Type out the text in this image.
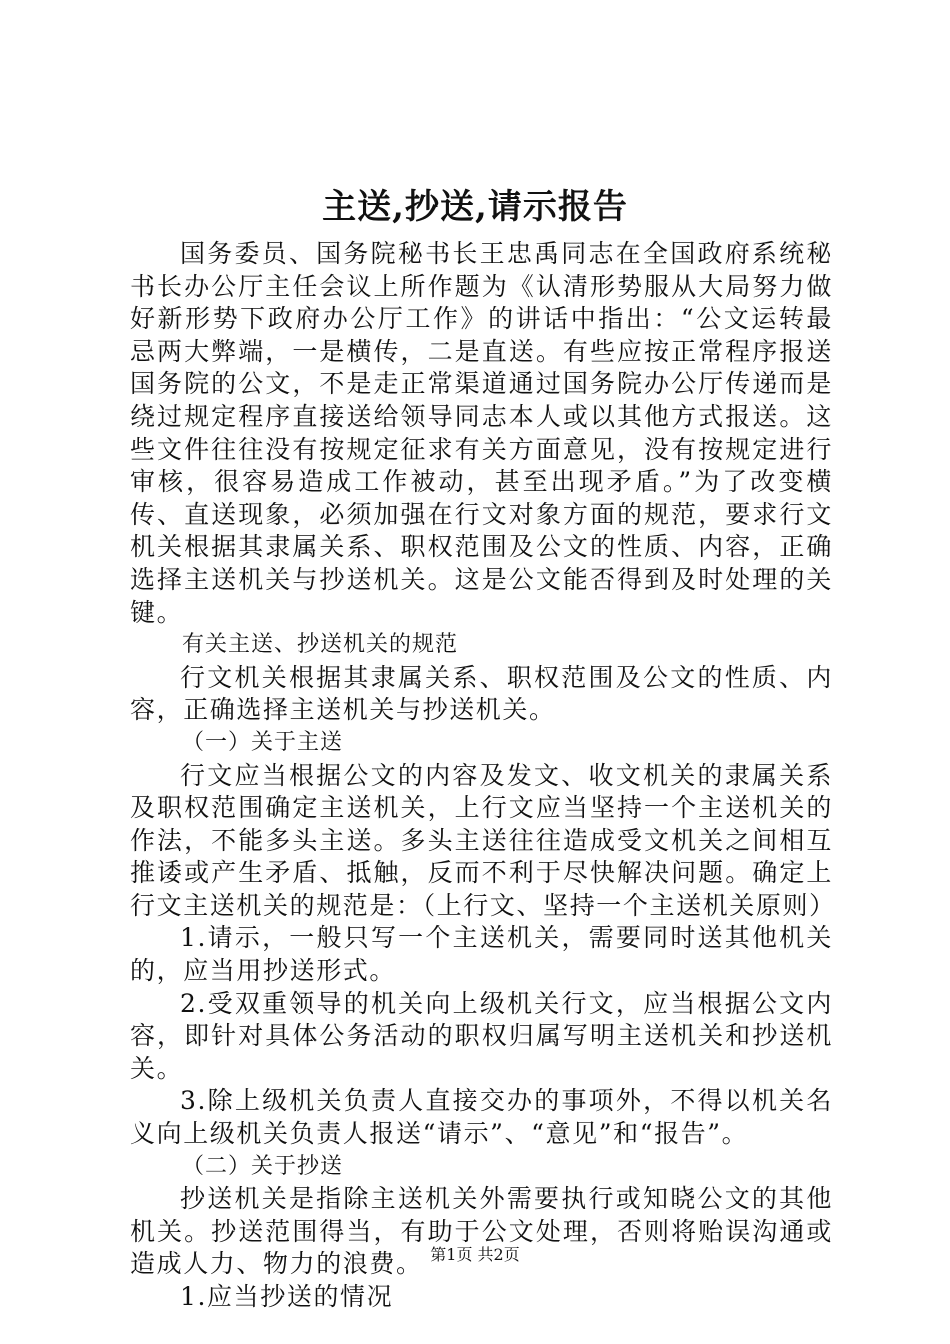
主送,抄送,请示报告

国务委员、国务院秘书长王忠禹同志在全国政府系统秘书长办公厅主任会议上所作题为《认清形势服从大局努力做好新形势下政府办公厅工作》的讲话中指出：“公文运转最忌两大弊端，一是横传，二是直送。有些应按正常程序报送国务院的公文，不是走正常渠道通过国务院办公厅传递而是绕过规定程序直接送给领导同志本人或以其他方式报送。这些文件往往没有按规定征求有关方面意见，没有按规定进行审核，很容易造成工作被动，甚至出现矛盾。”为了改变横传、直送现象，必须加强在行文对象方面的规范，要求行文机关根据其隶属关系、职权范围及公文的性质、内容，正确选择主送机关与抄送机关。这是公文能否得到及时处理的关键。

有关主送、抄送机关的规范

行文机关根据其隶属关系、职权范围及公文的性质、内容，正确选择主送机关与抄送机关。

（一）关于主送

行文应当根据公文的内容及发文、收文机关的隶属关系及职权范围确定主送机关，上行文应当坚持一个主送机关的作法，不能多头主送。多头主送往往造成受文机关之间相互推诿或产生矛盾、抵触，反而不利于尽快解决问题。确定上行文主送机关的规范是：（上行文、坚持一个主送机关原则）

1.请示，一般只写一个主送机关，需要同时送其他机关的，应当用抄送形式。

2.受双重领导的机关向上级机关行文，应当根据公文内容，即针对具体公务活动的职权归属写明主送机关和抄送机关。

3.除上级机关负责人直接交办的事项外，不得以机关名义向上级机关负责人报送“请示”、“意见”和“报告”。

（二）关于抄送

抄送机关是指除主送机关外需要执行或知晓公文的其他机关。抄送范围得当，有助于公文处理，否则将贻误沟通或造成人力、物力的浪费。

1.应当抄送的情况

第1页 共2页
